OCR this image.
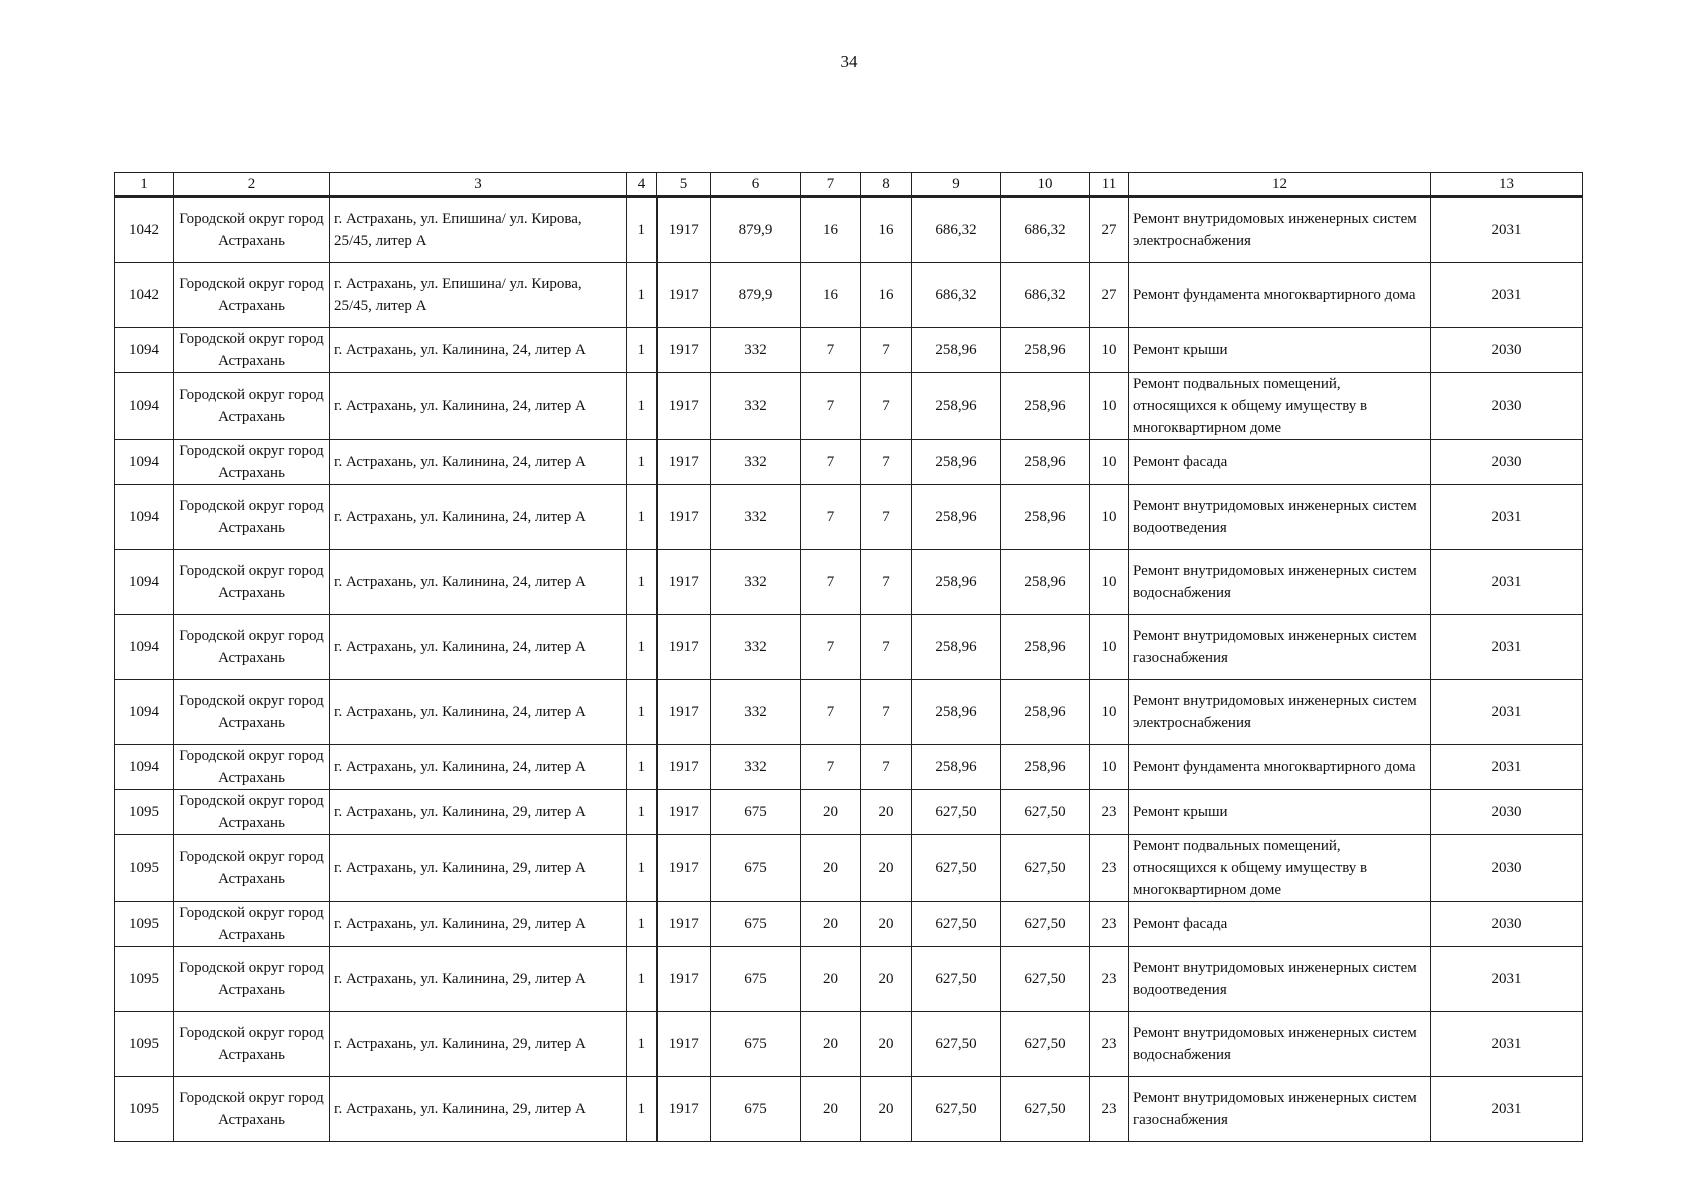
34
1	2	3	4	5	6	7	8	9	10	11	12	13
1042	Городской округ город Астрахань	г. Астрахань, ул. Епишина/ ул. Кирова, 25/45, литер А	1	1917	879,9	16	16	686,32	686,32	27	Ремонт внутридомовых инженерных систем электроснабжения	2031
1042	Городской округ город Астрахань	г. Астрахань, ул. Епишина/ ул. Кирова, 25/45, литер А	1	1917	879,9	16	16	686,32	686,32	27	Ремонт фундамента многоквартирного дома	2031
1094	Городской округ город Астрахань	г. Астрахань, ул. Калинина, 24, литер А	1	1917	332	7	7	258,96	258,96	10	Ремонт крыши	2030
1094	Городской округ город Астрахань	г. Астрахань, ул. Калинина, 24, литер А	1	1917	332	7	7	258,96	258,96	10	Ремонт подвальных помещений, относящихся к общему имуществу в многоквартирном доме	2030
1094	Городской округ город Астрахань	г. Астрахань, ул. Калинина, 24, литер А	1	1917	332	7	7	258,96	258,96	10	Ремонт фасада	2030
1094	Городской округ город Астрахань	г. Астрахань, ул. Калинина, 24, литер А	1	1917	332	7	7	258,96	258,96	10	Ремонт внутридомовых инженерных систем водоотведения	2031
1094	Городской округ город Астрахань	г. Астрахань, ул. Калинина, 24, литер А	1	1917	332	7	7	258,96	258,96	10	Ремонт внутридомовых инженерных систем водоснабжения	2031
1094	Городской округ город Астрахань	г. Астрахань, ул. Калинина, 24, литер А	1	1917	332	7	7	258,96	258,96	10	Ремонт внутридомовых инженерных систем газоснабжения	2031
1094	Городской округ город Астрахань	г. Астрахань, ул. Калинина, 24, литер А	1	1917	332	7	7	258,96	258,96	10	Ремонт внутридомовых инженерных систем электроснабжения	2031
1094	Городской округ город Астрахань	г. Астрахань, ул. Калинина, 24, литер А	1	1917	332	7	7	258,96	258,96	10	Ремонт фундамента многоквартирного дома	2031
1095	Городской округ город Астрахань	г. Астрахань, ул. Калинина, 29, литер А	1	1917	675	20	20	627,50	627,50	23	Ремонт крыши	2030
1095	Городской округ город Астрахань	г. Астрахань, ул. Калинина, 29, литер А	1	1917	675	20	20	627,50	627,50	23	Ремонт подвальных помещений, относящихся к общему имуществу в многоквартирном доме	2030
1095	Городской округ город Астрахань	г. Астрахань, ул. Калинина, 29, литер А	1	1917	675	20	20	627,50	627,50	23	Ремонт фасада	2030
1095	Городской округ город Астрахань	г. Астрахань, ул. Калинина, 29, литер А	1	1917	675	20	20	627,50	627,50	23	Ремонт внутридомовых инженерных систем водоотведения	2031
1095	Городской округ город Астрахань	г. Астрахань, ул. Калинина, 29, литер А	1	1917	675	20	20	627,50	627,50	23	Ремонт внутридомовых инженерных систем водоснабжения	2031
1095	Городской округ город Астрахань	г. Астрахань, ул. Калинина, 29, литер А	1	1917	675	20	20	627,50	627,50	23	Ремонт внутридомовых инженерных систем газоснабжения	2031
